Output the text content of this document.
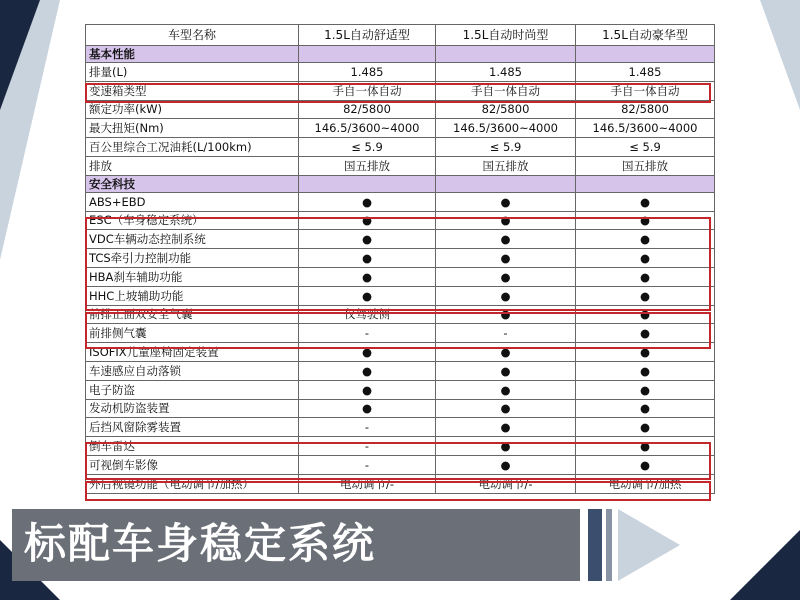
车型名称	1.5L自动舒适型	1.5L自动时尚型	1.5L自动豪华型
基本性能			
排量(L)	1.485	1.485	1.485
变速箱类型	手自一体自动	手自一体自动	手自一体自动
额定功率(kW)	82/5800	82/5800	82/5800
最大扭矩(Nm)	146.5/3600~4000	146.5/3600~4000	146.5/3600~4000
百公里综合工况油耗(L/100km)	≤ 5.9	≤ 5.9	≤ 5.9
排放	国五排放	国五排放	国五排放
安全科技			
ABS+EBD	●	●	●
ESC（车身稳定系统）	●	●	●
VDC车辆动态控制系统	●	●	●
TCS牵引力控制功能	●	●	●
HBA刹车辅助功能	●	●	●
HHC上坡辅助功能	●	●	●
前排正面双安全气囊	仅驾驶侧	●	●
前排侧气囊	-	-	●
ISOFIX儿童座椅固定装置	●	●	●
车速感应自动落锁	●	●	●
电子防盗	●	●	●
发动机防盗装置	●	●	●
后挡风窗除雾装置	-	●	●
倒车雷达	-	●	●
可视倒车影像	-	●	●
外后视镜功能（电动调节/加热）	电动调节/-	电动调节/-	电动调节/加热
标配车身稳定系统
